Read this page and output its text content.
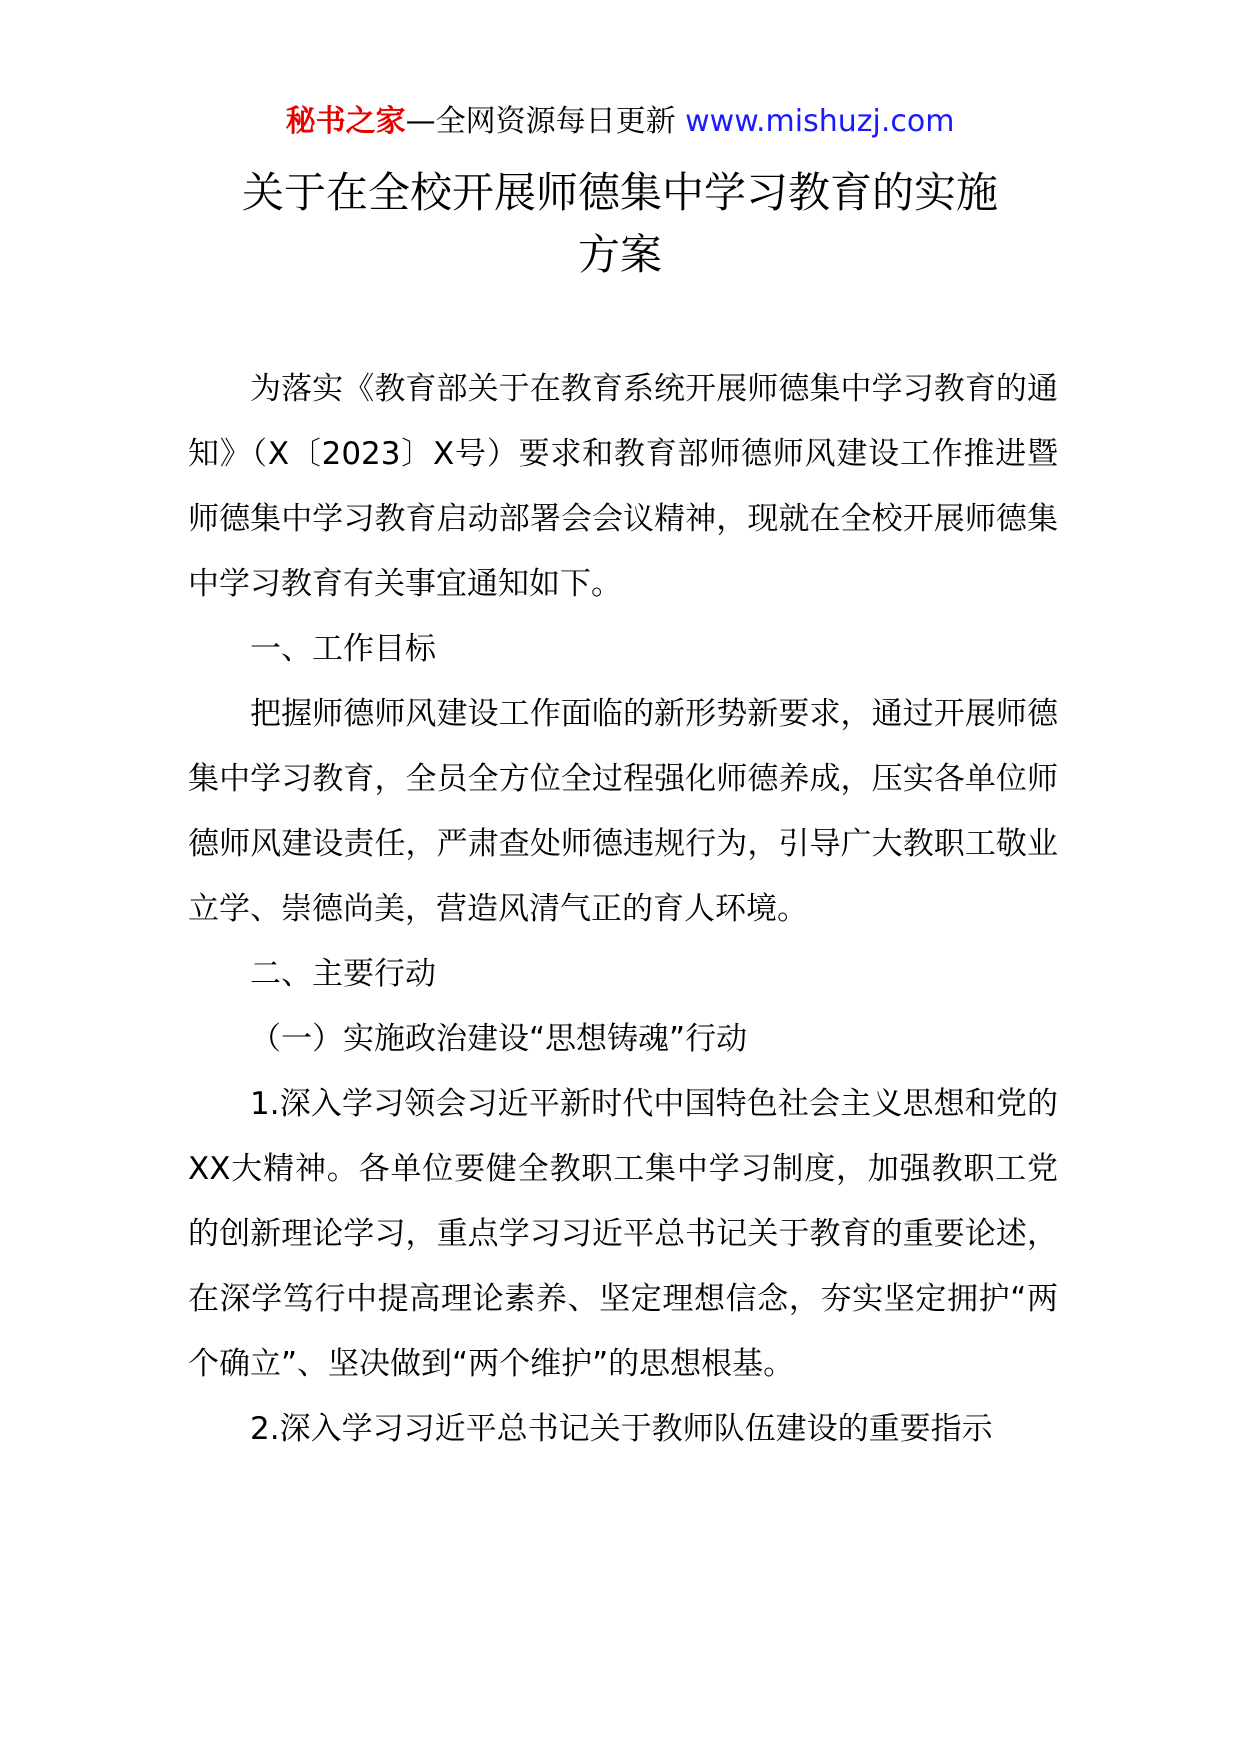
秘书之家—全网资源每日更新 www.mishuzj.com
关于在全校开展师德集中学习教育的实施
方案

为落实《教育部关于在教育系统开展师德集中学习教育的通知》（X〔2023〕X号）要求和教育部师德师风建设工作推进暨师德集中学习教育启动部署会会议精神，现就在全校开展师德集中学习教育有关事宜通知如下。

一、工作目标

把握师德师风建设工作面临的新形势新要求，通过开展师德集中学习教育，全员全方位全过程强化师德养成，压实各单位师德师风建设责任，严肃查处师德违规行为，引导广大教职工敬业立学、崇德尚美，营造风清气正的育人环境。

二、主要行动

（一）实施政治建设“思想铸魂”行动

1.深入学习领会习近平新时代中国特色社会主义思想和党的XX大精神。各单位要健全教职工集中学习制度，加强教职工党的创新理论学习，重点学习习近平总书记关于教育的重要论述，在深学笃行中提高理论素养、坚定理想信念，夯实坚定拥护“两个确立”、坚决做到“两个维护”的思想根基。

2.深入学习习近平总书记关于教师队伍建设的重要指示
